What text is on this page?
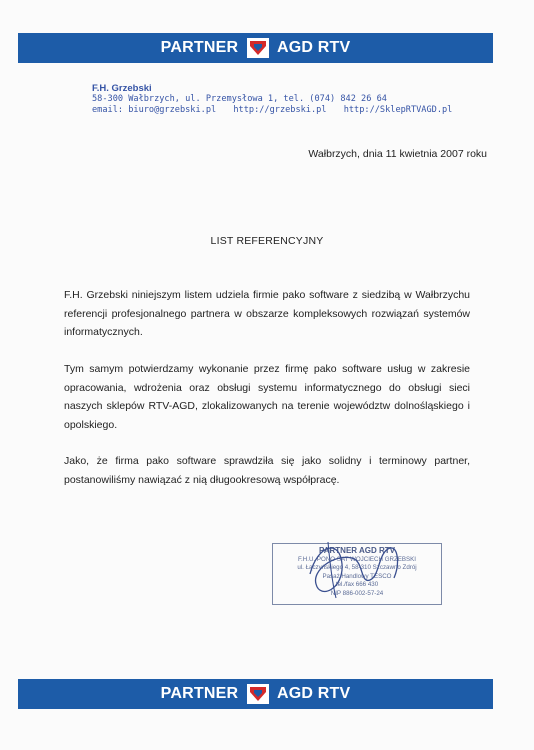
PARTNER AGD RTV
F.H. Grzebski
58-300 Wałbrzych, ul. Przemysłowa 1, tel. (074) 842 26 64
email: biuro@grzebski.pl http://grzebski.pl http://SklepRTVAGD.pl
Wałbrzych, dnia 11 kwietnia 2007 roku
LIST REFERENCYJNY
F.H. Grzebski niniejszym listem udziela firmie pako software z siedzibą w Wałbrzychu referencji profesjonalnego partnera w obszarze kompleksowych rozwiązań systemów informatycznych.
Tym samym potwierdzamy wykonanie przez firmę pako software usług w zakresie opracowania, wdrożenia oraz obsługi systemu informatycznego do obsługi sieci naszych sklepów RTV-AGD, zlokalizowanych na terenie województw dolnośląskiego i opolskiego.
Jako, że firma pako software sprawdziła się jako solidny i terminowy partner, postanowiliśmy nawiązać z nią długookresową współpracę.
PARTNER AGD RTV
F.H.U. PONO SAT WOJCIECH GRZEBSKI
ul. Łączyńskiego 4, 58-310 Szczawno Zdrój
Pasaż Handlowy TESCO
tel./fax 666 430
NIP 886-002-57-24
PARTNER AGD RTV
